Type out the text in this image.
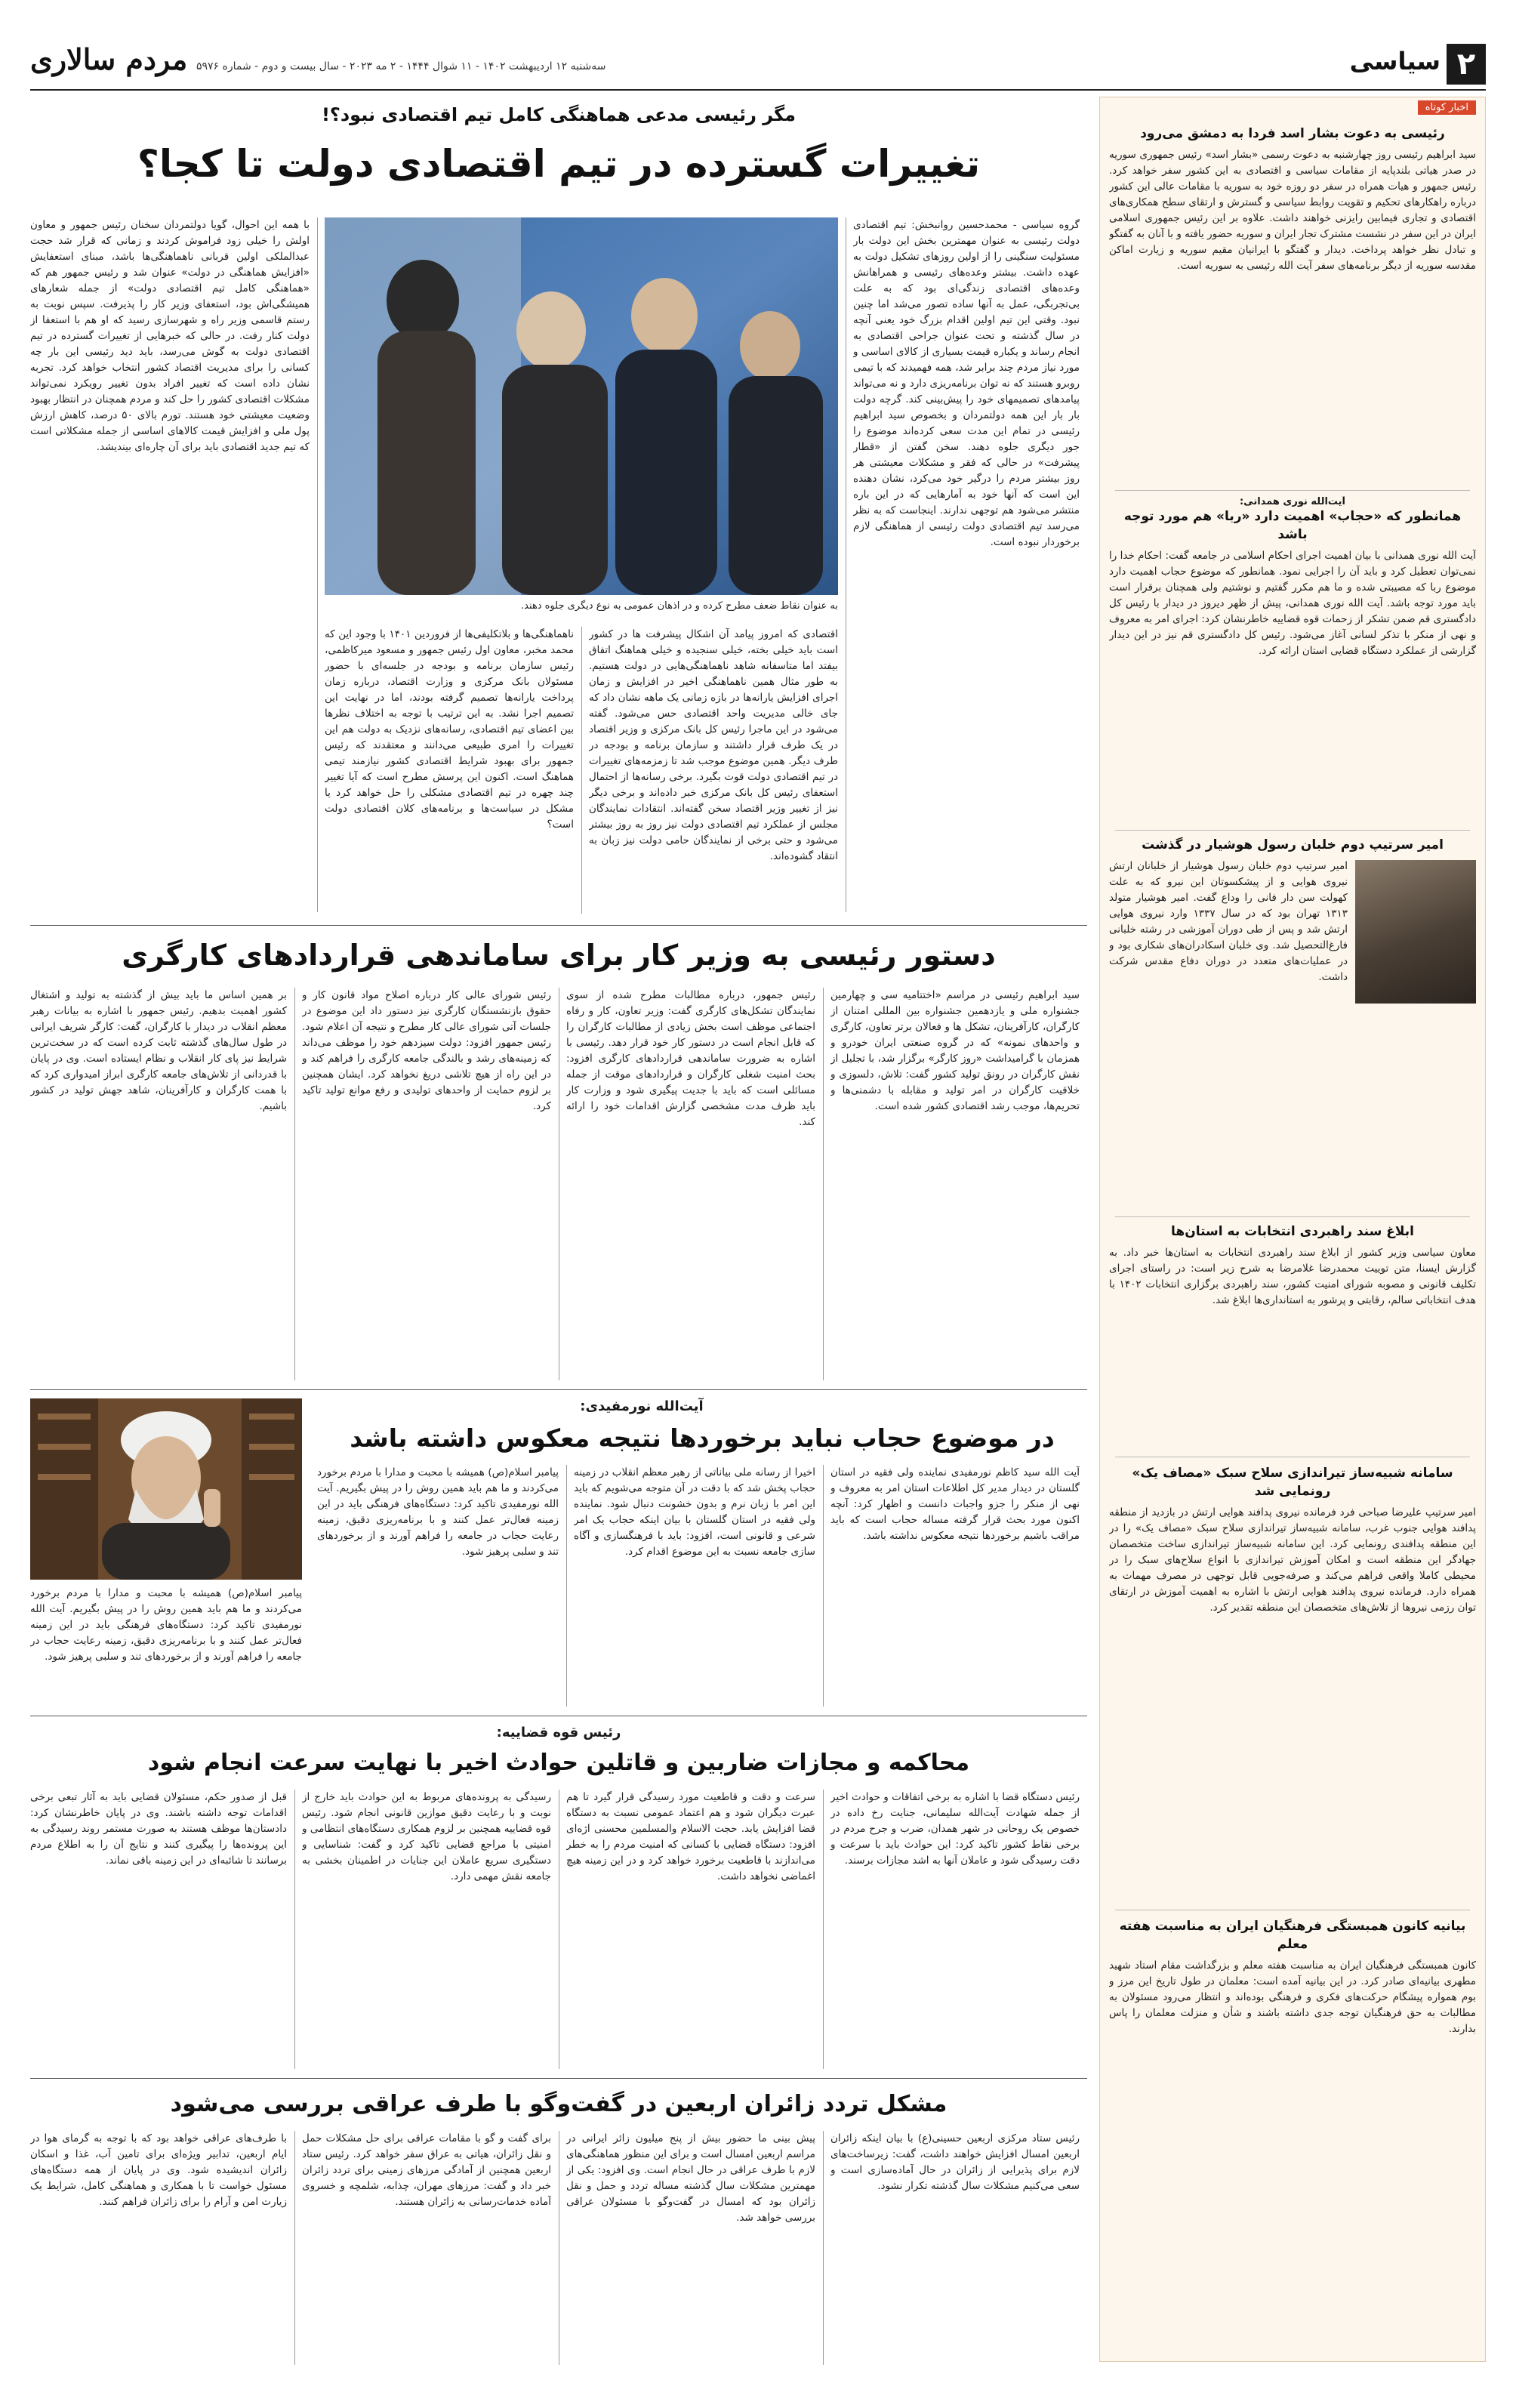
۲
سیاسی
مردم سالاری سه‌شنبه ۱۲ اردیبهشت ۱۴۰۲ - ۱۱ شوال ۱۴۴۴ - ۲ مه ۲۰۲۳ - سال بیست و دوم - شماره ۵۹۷۶
اخبار کوتاه
رئیسی به دعوت بشار اسد فردا به دمشق می‌رود
سید ابراهیم رئیسی روز چهارشنبه به دعوت رسمی «بشار اسد» رئیس جمهوری سوریه در صدر هیاتی بلندپایه از مقامات سیاسی و اقتصادی به این کشور سفر خواهد کرد. رئیس جمهور و هیات همراه در سفر دو روزه خود به سوریه با مقامات عالی این کشور درباره راهکارهای تحکیم و تقویت روابط سیاسی و گسترش و ارتقای سطح همکاری‌های اقتصادی و تجاری فیمابین رایزنی خواهند داشت. علاوه بر این رئیس جمهوری اسلامی ایران در این سفر در نشست مشترک تجار ایران و سوریه حضور یافته و با آنان به گفتگو و تبادل نظر خواهد پرداخت. دیدار و گفتگو با ایرانیان مقیم سوریه و زیارت اماکن مقدسه سوریه از دیگر برنامه‌های سفر آیت الله رئیسی به سوریه است.
آیت‌الله نوری همدانی:
همانطور که «حجاب» اهمیت دارد «ربا» هم مورد توجه باشد
آیت الله نوری همدانی با بیان اهمیت اجرای احکام اسلامی در جامعه گفت: احکام خدا را نمی‌توان تعطیل کرد و باید آن را اجرایی نمود. همانطور که موضوع حجاب اهمیت دارد موضوع ربا که مصیبتی شده و ما هم مکرر گفتیم و نوشتیم ولی همچنان برقرار است باید مورد توجه باشد. آیت الله نوری همدانی، پیش از ظهر دیروز در دیدار با رئیس کل دادگستری قم ضمن تشکر از زحمات قوه قضاییه خاطرنشان کرد: اجرای امر به معروف و نهی از منکر با تذکر لسانی آغاز می‌شود. رئیس کل دادگستری قم نیز در این دیدار گزارشی از عملکرد دستگاه قضایی استان ارائه کرد.
امیر سرتیپ دوم خلبان رسول هوشیار در گذشت
امیر سرتیپ دوم خلبان رسول هوشیار از خلبانان ارتش نیروی هوایی و از پیشکسوتان این نیرو که به علت کهولت سن دار فانی را وداع گفت. امیر هوشیار متولد ۱۳۱۳ تهران بود که در سال ۱۳۳۷ وارد نیروی هوایی ارتش شد و پس از طی دوران آموزشی در رشته خلبانی فارغ‌التحصیل شد. وی خلبان اسکادران‌های شکاری بود و در عملیات‌های متعدد در دوران دفاع مقدس شرکت داشت.
ابلاغ سند راهبردی انتخابات به استان‌ها
معاون سیاسی وزیر کشور از ابلاغ سند راهبردی انتخابات به استان‌ها خبر داد. به گزارش ایسنا، متن توییت محمدرضا غلامرضا به شرح زیر است: در راستای اجرای تکلیف قانونی و مصوبه شورای امنیت کشور، سند راهبردی برگزاری انتخابات ۱۴۰۲ با هدف انتخاباتی سالم، رقابتی و پرشور به استانداری‌ها ابلاغ شد.
سامانه شبیه‌ساز تیراندازی سلاح سبک «مصاف یک» رونمایی شد
امیر سرتیپ علیرضا صباحی فرد فرمانده نیروی پدافند هوایی ارتش در بازدید از منطقه پدافند هوایی جنوب غرب، سامانه شبیه‌ساز تیراندازی سلاح سبک «مصاف یک» را در این منطقه پدافندی رونمایی کرد. این سامانه شبیه‌ساز تیراندازی ساخت متخصصان جهادگر این منطقه است و امکان آموزش تیراندازی با انواع سلاح‌های سبک را در محیطی کاملا واقعی فراهم می‌کند و صرفه‌جویی قابل توجهی در مصرف مهمات به همراه دارد. فرمانده نیروی پدافند هوایی ارتش با اشاره به اهمیت آموزش در ارتقای توان رزمی نیروها از تلاش‌های متخصصان این منطقه تقدیر کرد.
بیانیه کانون همبستگی فرهنگیان ایران به مناسبت هفته معلم
کانون همبستگی فرهنگیان ایران به مناسبت هفته معلم و بزرگداشت مقام استاد شهید مطهری بیانیه‌ای صادر کرد. در این بیانیه آمده است: معلمان در طول تاریخ این مرز و بوم همواره پیشگام حرکت‌های فکری و فرهنگی بوده‌اند و انتظار می‌رود مسئولان به مطالبات به حق فرهنگیان توجه جدی داشته باشند و شأن و منزلت معلمان را پاس بدارند.
مگر رئیسی مدعی هماهنگی کامل تیم اقتصادی نبود؟!
تغییرات گسترده در تیم اقتصادی دولت تا کجا؟
گروه سیاسی - محمدحسین روانبخش: تیم اقتصادی دولت رئیسی به عنوان مهمترین بخش این دولت بار مسئولیت سنگینی را از اولین روزهای تشکیل دولت به عهده داشت. بیشتر وعده‌های رئیسی و همراهانش وعده‌های اقتصادی زندگی‌ای بود که به علت بی‌تجربگی، عمل به آنها ساده تصور می‌شد اما چنین نبود. وقتی این تیم اولین اقدام بزرگ خود یعنی آنچه در سال گذشته و تحت عنوان جراحی اقتصادی به انجام رساند و یکباره قیمت بسیاری از کالای اساسی و مورد نیاز مردم چند برابر شد، همه فهمیدند که با تیمی روبرو هستند که نه توان برنامه‌ریزی دارد و نه می‌تواند پیامدهای تصمیمهای خود را پیش‌بینی کند. گرچه دولت بار بار این همه دولتمردان و بخصوص سید ابراهیم رئیسی در تمام این مدت سعی کرده‌اند موضوع را جور دیگری جلوه دهند. سخن گفتن از «قطار پیشرفت» در حالی که فقر و مشکلات معیشتی هر روز بیشتر مردم را درگیر خود می‌کرد، نشان دهنده این است که آنها خود به آمارهایی که در این باره منتشر می‌شود هم توجهی ندارند. اینجاست که به نظر می‌رسد تیم اقتصادی دولت رئیسی از هماهنگی لازم برخوردار نبوده است.
به عنوان نقاط ضعف مطرح کرده و در اذهان عمومی به نوع دیگری جلوه دهند.
اقتصادی که امروز پیامد آن اشکال پیشرفت ها در کشور است باید خیلی بخته، خیلی سنجیده و خیلی هماهنگ اتفاق بیفتد اما متاسفانه شاهد ناهماهنگی‌هایی در دولت هستیم. به طور مثال همین ناهماهنگی اخیر در افزایش و زمان اجرای افزایش یارانه‌ها در بازه زمانی یک ماهه نشان داد که جای خالی مدیریت واحد اقتصادی حس می‌شود. گفته می‌شود در این ماجرا رئیس کل بانک مرکزی و وزیر اقتصاد در یک طرف قرار داشتند و سازمان برنامه و بودجه در طرف دیگر. همین موضوع موجب شد تا زمزمه‌های تغییرات در تیم اقتصادی دولت قوت بگیرد. برخی رسانه‌ها از احتمال استعفای رئیس کل بانک مرکزی خبر داده‌اند و برخی دیگر نیز از تغییر وزیر اقتصاد سخن گفته‌اند. انتقادات نمایندگان مجلس از عملکرد تیم اقتصادی دولت نیز روز به روز بیشتر می‌شود و حتی برخی از نمایندگان حامی دولت نیز زبان به انتقاد گشوده‌اند.
ناهماهنگی‌ها و بلاتکلیفی‌ها از فروردین ۱۴۰۱ با وجود این که محمد مخبر، معاون اول رئیس جمهور و مسعود میرکاظمی، رئیس سازمان برنامه و بودجه در جلسه‌ای با حضور مسئولان بانک مرکزی و وزارت اقتصاد، درباره زمان پرداخت یارانه‌ها تصمیم گرفته بودند، اما در نهایت این تصمیم اجرا نشد. به این ترتیب با توجه به اختلاف نظرها بین اعضای تیم اقتصادی، رسانه‌های نزدیک به دولت هم این تغییرات را امری طبیعی می‌دانند و معتقدند که رئیس جمهور برای بهبود شرایط اقتصادی کشور نیازمند تیمی هماهنگ است. اکنون این پرسش مطرح است که آیا تغییر چند چهره در تیم اقتصادی مشکلی را حل خواهد کرد یا مشکل در سیاست‌ها و برنامه‌های کلان اقتصادی دولت است؟
با همه این احوال، گویا دولتمردان سخنان رئیس جمهور و معاون اولش را خیلی زود فراموش کردند و زمانی که قرار شد حجت عبدالملکی اولین قربانی ناهماهنگی‌ها باشد، مبنای استعفایش «افزایش هماهنگی در دولت» عنوان شد و رئیس جمهور هم که «هماهنگی کامل تیم اقتصادی دولت» از جمله شعارهای همیشگی‌اش بود، استعفای وزیر کار را پذیرفت. سپس نوبت به رستم قاسمی وزیر راه و شهرسازی رسید که او هم با استعفا از دولت کنار رفت. در حالی که خبرهایی از تغییرات گسترده در تیم اقتصادی دولت به گوش می‌رسد، باید دید رئیسی این بار چه کسانی را برای مدیریت اقتصاد کشور انتخاب خواهد کرد. تجربه نشان داده است که تغییر افراد بدون تغییر رویکرد نمی‌تواند مشکلات اقتصادی کشور را حل کند و مردم همچنان در انتظار بهبود وضعیت معیشتی خود هستند. تورم بالای ۵۰ درصد، کاهش ارزش پول ملی و افزایش قیمت کالاهای اساسی از جمله مشکلاتی است که تیم جدید اقتصادی باید برای آن چاره‌ای بیندیشد.
دستور رئیسی به وزیر کار برای ساماندهی قراردادهای کارگری
سید ابراهیم رئیسی در مراسم «اختتامیه سی و چهارمین جشنواره ملی و یازدهمین جشنواره بین المللی امتنان از کارگران، کارآفرینان، تشکل ها و فعالان برتر تعاون، کارگری و واحدهای نمونه» که در گروه صنعتی ایران خودرو و همزمان با گرامیداشت «روز کارگر» برگزار شد، با تجلیل از نقش کارگران در رونق تولید کشور گفت: تلاش، دلسوزی و خلاقیت کارگران در امر تولید و مقابله با دشمنی‌ها و تحریم‌ها، موجب رشد اقتصادی کشور شده است.
رئیس جمهور، درباره مطالبات مطرح شده از سوی نمایندگان تشکل‌های کارگری گفت: وزیر تعاون، کار و رفاه اجتماعی موظف است بخش زیادی از مطالبات کارگران را که قابل انجام است در دستور کار خود قرار دهد. رئیسی با اشاره به ضرورت ساماندهی قراردادهای کارگری افزود: بحث امنیت شغلی کارگران و قراردادهای موقت از جمله مسائلی است که باید با جدیت پیگیری شود و وزارت کار باید ظرف مدت مشخصی گزارش اقدامات خود را ارائه کند.
رئیس شورای عالی کار درباره اصلاح مواد قانون کار و حقوق بازنشستگان کارگری نیز دستور داد این موضوع در جلسات آتی شورای عالی کار مطرح و نتیجه آن اعلام شود. رئیس جمهور افزود: دولت سیزدهم خود را موظف می‌داند که زمینه‌های رشد و بالندگی جامعه کارگری را فراهم کند و در این راه از هیچ تلاشی دریغ نخواهد کرد. ایشان همچنین بر لزوم حمایت از واحدهای تولیدی و رفع موانع تولید تاکید کرد.
بر همین اساس ما باید بیش از گذشته به تولید و اشتغال کشور اهمیت بدهیم. رئیس جمهور با اشاره به بیانات رهبر معظم انقلاب در دیدار با کارگران، گفت: کارگر شریف ایرانی در طول سال‌های گذشته ثابت کرده است که در سخت‌ترین شرایط نیز پای کار انقلاب و نظام ایستاده است. وی در پایان با قدردانی از تلاش‌های جامعه کارگری ابراز امیدواری کرد که با همت کارگران و کارآفرینان، شاهد جهش تولید در کشور باشیم.
آیت‌الله نورمفیدی:
در موضوع حجاب نباید برخوردها نتیجه معکوس داشته باشد
آیت الله سید کاظم نورمفیدی نماینده ولی فقیه در استان گلستان در دیدار مدیر کل اطلاعات استان امر به معروف و نهی از منکر را جزو واجبات دانست و اظهار کرد: آنچه اکنون مورد بحث قرار گرفته مساله حجاب است که باید مراقب باشیم برخوردها نتیجه معکوس نداشته باشد.
اخیرا از رسانه ملی بیاناتی از رهبر معظم انقلاب در زمینه حجاب پخش شد که با دقت در آن متوجه می‌شویم که باید این امر با زبان نرم و بدون خشونت دنبال شود. نماینده ولی فقیه در استان گلستان با بیان اینکه حجاب یک امر شرعی و قانونی است، افزود: باید با فرهنگسازی و آگاه سازی جامعه نسبت به این موضوع اقدام کرد.
پیامبر اسلام(ص) همیشه با محبت و مدارا با مردم برخورد می‌کردند و ما هم باید همین روش را در پیش بگیریم. آیت الله نورمفیدی تاکید کرد: دستگاه‌های فرهنگی باید در این زمینه فعال‌تر عمل کنند و با برنامه‌ریزی دقیق، زمینه رعایت حجاب در جامعه را فراهم آورند و از برخوردهای تند و سلبی پرهیز شود.
پیامبر اسلام(ص) همیشه با محبت و مدارا با مردم برخورد می‌کردند و ما هم باید همین روش را در پیش بگیریم. آیت الله نورمفیدی تاکید کرد: دستگاه‌های فرهنگی باید در این زمینه فعال‌تر عمل کنند و با برنامه‌ریزی دقیق، زمینه رعایت حجاب در جامعه را فراهم آورند و از برخوردهای تند و سلبی پرهیز شود.
رئیس قوه قضاییه:
محاکمه و مجازات ضاربین و قاتلین حوادث اخیر با نهایت سرعت انجام شود
رئیس دستگاه قضا با اشاره به برخی اتفاقات و حوادث اخیر از جمله شهادت آیت‌الله سلیمانی، جنایت رخ داده در خصوص یک روحانی در شهر همدان، ضرب و جرح مردم در برخی نقاط کشور تاکید کرد: این حوادث باید با سرعت و دقت رسیدگی شود و عاملان آنها به اشد مجازات برسند.
سرعت و دقت و قاطعیت مورد رسیدگی قرار گیرد تا هم عبرت دیگران شود و هم اعتماد عمومی نسبت به دستگاه قضا افزایش یابد. حجت الاسلام والمسلمین محسنی اژه‌ای افزود: دستگاه قضایی با کسانی که امنیت مردم را به خطر می‌اندازند با قاطعیت برخورد خواهد کرد و در این زمینه هیچ اغماضی نخواهد داشت.
رسیدگی به پرونده‌های مربوط به این حوادث باید خارج از نوبت و با رعایت دقیق موازین قانونی انجام شود. رئیس قوه قضاییه همچنین بر لزوم همکاری دستگاه‌های انتظامی و امنیتی با مراجع قضایی تاکید کرد و گفت: شناسایی و دستگیری سریع عاملان این جنایات در اطمینان بخشی به جامعه نقش مهمی دارد.
قبل از صدور حکم، مسئولان قضایی باید به آثار تبعی برخی اقدامات توجه داشته باشند. وی در پایان خاطرنشان کرد: دادستان‌ها موظف هستند به صورت مستمر روند رسیدگی به این پرونده‌ها را پیگیری کنند و نتایج آن را به اطلاع مردم برسانند تا شائبه‌ای در این زمینه باقی نماند.
مشکل تردد زائران اربعین در گفت‌وگو با طرف عراقی بررسی می‌شود
رئیس ستاد مرکزی اربعین حسینی(ع) با بیان اینکه زائران اربعین امسال افزایش خواهند داشت، گفت: زیرساخت‌های لازم برای پذیرایی از زائران در حال آماده‌سازی است و سعی می‌کنیم مشکلات سال گذشته تکرار نشود.
پیش بینی ما حضور بیش از پنج میلیون زائر ایرانی در مراسم اربعین امسال است و برای این منظور هماهنگی‌های لازم با طرف عراقی در حال انجام است. وی افزود: یکی از مهمترین مشکلات سال گذشته مساله تردد و حمل و نقل زائران بود که امسال در گفت‌وگو با مسئولان عراقی بررسی خواهد شد.
برای گفت و گو با مقامات عراقی برای حل مشکلات حمل و نقل زائران، هیاتی به عراق سفر خواهد کرد. رئیس ستاد اربعین همچنین از آمادگی مرزهای زمینی برای تردد زائران خبر داد و گفت: مرزهای مهران، چذابه، شلمچه و خسروی آماده خدمات‌رسانی به زائران هستند.
با طرف‌های عراقی خواهد بود که با توجه به گرمای هوا در ایام اربعین، تدابیر ویژه‌ای برای تامین آب، غذا و اسکان زائران اندیشیده شود. وی در پایان از همه دستگاه‌های مسئول خواست تا با همکاری و هماهنگی کامل، شرایط یک زیارت امن و آرام را برای زائران فراهم کنند.
